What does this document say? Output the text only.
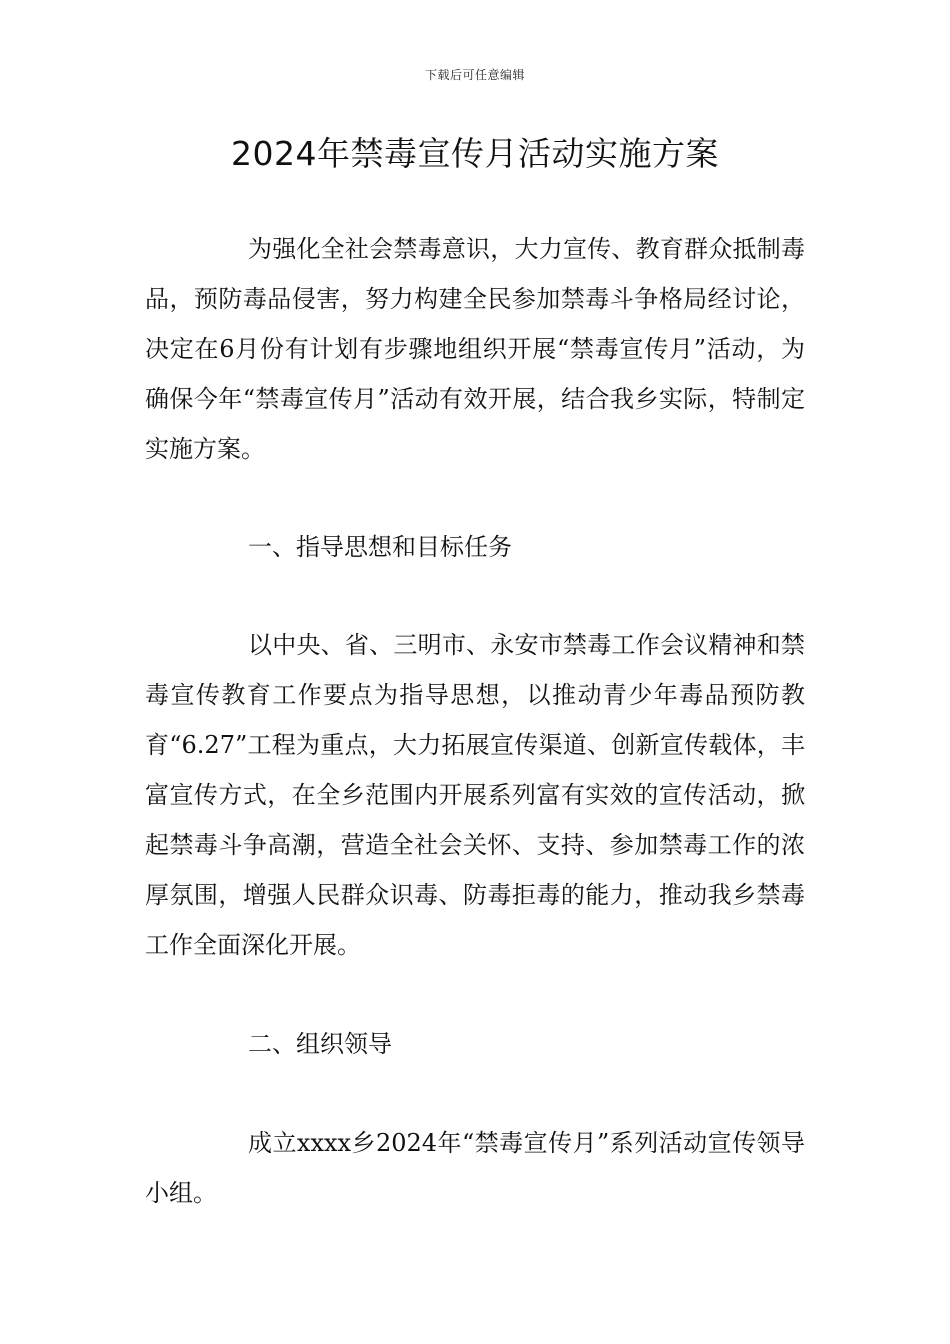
下载后可任意编辑
2024年禁毒宣传月活动实施方案

为强化全社会禁毒意识，大力宣传、教育群众抵制毒品，预防毒品侵害，努力构建全民参加禁毒斗争格局经讨论，决定在6月份有计划有步骤地组织开展“禁毒宣传月”活动，为确保今年“禁毒宣传月”活动有效开展，结合我乡实际，特制定实施方案。

一、指导思想和目标任务

以中央、省、三明市、永安市禁毒工作会议精神和禁毒宣传教育工作要点为指导思想，以推动青少年毒品预防教育“6.27”工程为重点，大力拓展宣传渠道、创新宣传载体，丰富宣传方式，在全乡范围内开展系列富有实效的宣传活动，掀起禁毒斗争高潮，营造全社会关怀、支持、参加禁毒工作的浓厚氛围，增强人民群众识毒、防毒拒毒的能力，推动我乡禁毒工作全面深化开展。

二、组织领导

成立xxxx乡2024年“禁毒宣传月”系列活动宣传领导小组。
